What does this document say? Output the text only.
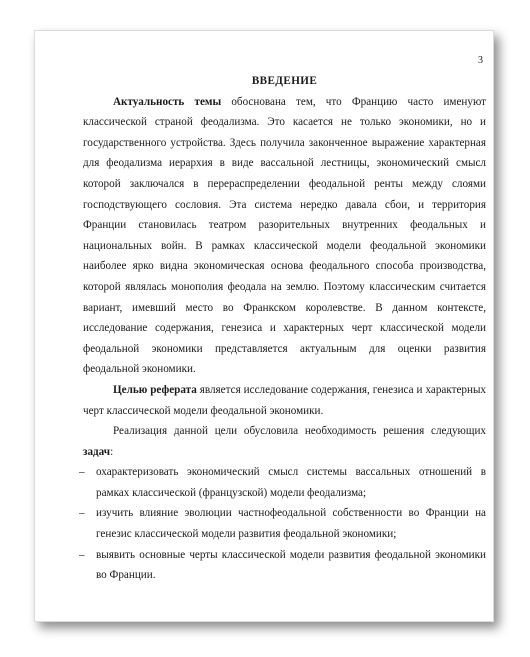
3
ВВЕДЕНИЕ

Актуальность темы обоснована тем, что Францию часто именуют классической страной феодализма. Это касается не только экономики, но и государственного устройства. Здесь получила законченное выражение характерная для феодализма иерархия в виде вассальной лестницы, экономический смысл которой заключался в перераспределении феодальной ренты между слоями господствующего сословия. Эта система нередко давала сбои, и территория Франции становилась театром разорительных внутренних феодальных и национальных войн. В рамках классической модели феодальной экономики наиболее ярко видна экономическая основа феодального способа производства, которой являлась монополия феодала на землю. Поэтому классическим считается вариант, имевший место во Франкском королевстве. В данном контексте, исследование содержания, генезиса и характерных черт классической модели феодальной экономики представляется актуальным для оценки развития феодальной экономики.

Целью реферата является исследование содержания, генезиса и характерных черт классической модели феодальной экономики.

Реализация данной цели обусловила необходимость решения следующих задач:

– охарактеризовать экономический смысл системы вассальных отношений в рамках классической (французской) модели феодализма;
– изучить влияние эволюции частнофеодальной собственности во Франции на генезис классической модели развития феодальной экономики;
– выявить основные черты классической модели развития феодальной экономики во Франции.
